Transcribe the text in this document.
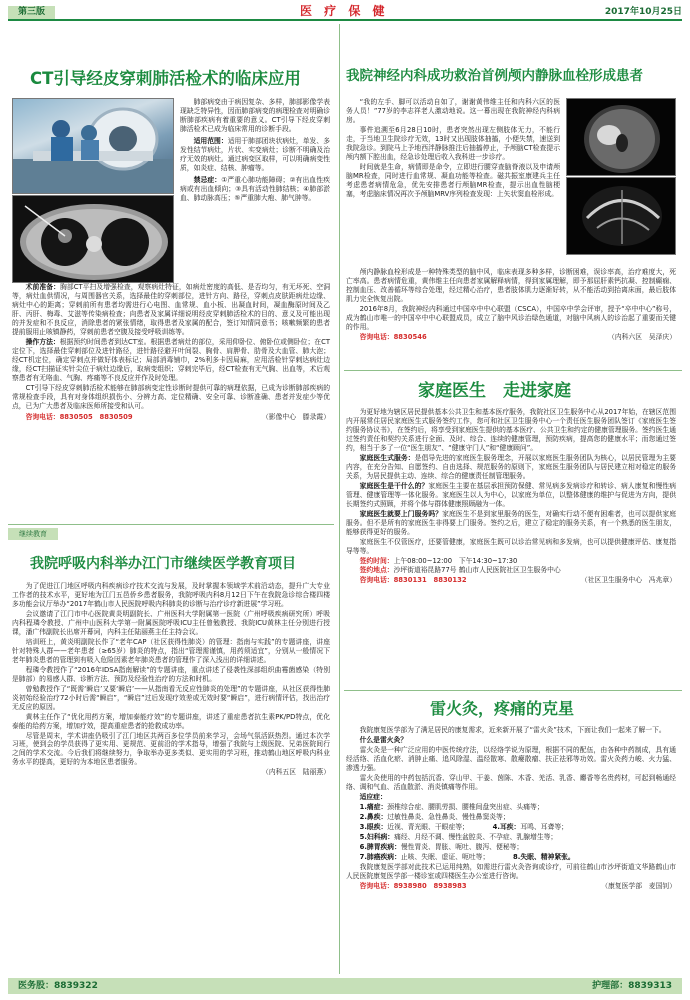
第三版	医 疗 保 健	2017年10月25日
CT引导经皮穿刺肺活检术的临床应用

肺部病变由于病因复杂、多样，肺部影像学表现缺乏特异性，因而肺部病变的病理检查对明确诊断肺部疾病有着重要的意义。CT引导下经皮穿刺肺活检术已成为临床常用的诊断手段。

适用范围：适用于肺部团块状病灶，单发、多发性结节病灶，片状、实变病灶；诊断不明确及治疗无效的病灶。通过病变区取样，可以明确病变性质，如炎症、结核、肿瘤等。

禁忌症：①严重心肺功能障碍；②有出血性疾病或有出血倾向；③具有活动性肺结核；④肺部淤血、肺动脉高压；⑤严重肺大疱、肺气肿等。

术前准备：胸部CT平扫及增强检查，观察病灶特征，如病灶密度的高低、是否均匀，有无坏死、空洞等，病灶血供情况，与周围器官关系，选择最佳的穿刺部位，进针方向、路径，穿刺点皮肤距病灶边缘、病灶中心的距离；穿刺前所有患者均需进行心电图、血常规、血小板、出凝血时间，凝血酶原时间及乙肝、丙肝、梅毒、艾滋等传染病检查；向患者及家属详细说明经皮穿刺肺活检术的目的、意义及可能出现的并发症和不良反应，消除患者的紧张情绪，取得患者及家属的配合，签订知情同意书；咳嗽频繁的患者提前服用止咳镇静药，穿刺前患者空腹及接受呼吸训练等。

操作方法：根据预约时间患者到达CT室。根据患者病灶的部位，采用仰卧位、俯卧位或侧卧位；在CT定位下，选择最佳穿刺部位及进针路径，进针路径避开叶间裂、胸骨、肩胛骨、肋骨及大血管、肺大泡；经CT机定位，确定穿刺点并做好体表标记；局部消毒铺巾，2%利多卡因局麻，应用活检针穿刺达病灶边缘，经CT扫描证实针尖位于病灶边缘后，取病变组织；穿刺完毕后，经CT检查有无气胸、出血等，术后观察患者有无咯血、气胸、疼痛等不良反应并作及时处理。

CT引导下经皮穿刺肺活检术能够在肺部病变定性诊断时提供可靠的病理依据，已成为诊断肺部疾病的常规检查手段，具有对身体组织损伤小、分辨力高、定位精确、安全可靠、诊断准确、患者并发症少等优点，已为广大患者及临床医师所接受和认可。

咨询电话：8830505　8830509	（影像中心　滕录霞）

继续教育
我院呼吸内科举办江门市继续医学教育项目

为了促进江门地区呼吸内科疾病诊疗技术交流与发展，及时掌握本领域学术前沿动态，提升广大专业工作者的技术水平，更好地为江门五邑侨乡患者服务，我院呼吸内科8月12日下午在我院急诊综合楼四楼多功能会议厅举办“2017年鹤山市人民医院呼吸内科肺炎的诊断与治疗诊疗新进展”学习班。

会议邀请了江门市中心医院黄炎明副院长、广州医科大学附属第一医院（广州呼吸疾病研究所）呼吸内科程璘令教授、广州中山医科大学第一附属医院呼吸ICU主任曾勉教授、我院ICU黄林主任分别进行授课，潘广伟副院长出席开幕词，内科主任陆丽燕主任主持会议。

培训班上，黄炎明副院长作了“老年CAP（社区获得性肺炎）的管理：指南与实践”的专题讲座，讲座针对特殊人群——老年患者（≥65岁）肺炎的特点，指出“管理需谨慎，用药须适宜”，分别从一般情况下老年肺炎患者的管理到有吸入危险因素老年肺炎患者的管理作了深入浅出的详细讲述。

程璘令教授作了“2016年IDSA指南解读”的专题讲座，重点讲述了侵袭性深部组织曲霉菌感染（特别是肺部）的易感人群、诊断方法、预防及经验性治疗的方法和时机。

曾勉教授作了“既需‘瞬启’又要‘瞬启’——从指南看无反应性肺炎的处理”的专题讲座，从社区获得性肺炎初始经验治疗72小时后需“瞬启”，“瞬启”过后发现疗效差或无效时要“瞬启”，进行病情评估，找出治疗无反应的原因。

黄林主任作了“优化用药方案，增加泰能疗效”的专题讲座，讲述了重症患者抗生素PK/PD特点，优化泰能的给药方案，增加疗效，提高重症患者的抢救成功率。

尽管是周末，学术讲座仍吸引了江门地区共两百多位学员前来学习，会场气氛活跃热烈。通过本次学习班，使到会的学员获得了更实用、更规范、更前沿的学术指导，增强了我院与上级医院、兄弟医院间行之间的学术交流。今后我们将继续努力，争取举办更多类似、更实用的学习班，推动鹤山地区呼吸内科业务水平的提高，更好的为本地区患者服务。

（内科五区　陆丽燕）

我院神经内科成功救治首例颅内静脉血栓形成患者

“我的左手、脚可以活动自如了，谢谢黄伟维主任和内科六区的医务人员！”77岁的李志祥老人激动地说。这一幕出现在我院神经内科病房。

事件追溯至6月28日10时，患者突然出现左侧肢体无力，不能行走，于当地卫生院诊疗无效，13时又出现肢体抽搐，小便失禁，速送到我院急诊。到院马上予地西泮静脉推注后抽搐停止，予颅脑CT检查提示颅内额下腔出血，经急诊处理后收入我科进一步诊疗。

时间就是生命，病情即是命令，立即进行腰穿查脑脊液以及申请颅脑MR检查，同时进行血常规、凝血功能等检查。磁共振室康建兵主任考虑患者病情危急，优先安排患者行颅脑MR检查，提示出血性脑梗塞，考虑脑床情况再次予颅脑MRV序列检查发现：上矢状窦血栓形成。

颅内静脉血栓形成是一种特殊类型的脑中风，临床表现多种多样，诊断困难，误诊率高，治疗难度大，死亡率高。患者病情危重，黄伟维主任向患者家属解释病情，得到家属理解，即予那屈肝素钙抗凝、控制癫痫、控制血压、改善循环等综合处理，经过精心治疗，患者肢体肌力逐渐好转，从不能活动到抬离床面，最后肢体肌力完全恢复出院。

2016年8月，我院神经内科通过中国卒中中心联盟（CSCA），中国卒中学会评审，授予“卒中中心”称号，成为鹤山市唯一的中国卒中中心联盟成员，成立了脑中风诊治绿色通道，对脑中风病人的诊治起了重要而关键的作用。

咨询电话：8830546	（内科六区　吴泽庆）

家庭医生　走进家庭

为更好地为辖区居民提供基本公共卫生和基本医疗服务，我院社区卫生服务中心从2017年始，在辖区范围内开展常住居民家庭医生式服务签约工作，您可和社区卫生服务中心一个责任医生服务团队签订《家庭医生签约服务协议书》，在签约后，将享受到家庭医生提供的基本医疗、公共卫生和约定的健康管理服务。签约医生通过签约责任和契约关系进行全面、及时、综合、连续的健康管理，预防疾病，提高您的健康水平；而您通过签约，相当于多了一位“医生朋友”、“健康守门人”和“健康顾问”。

家庭医生式服务：是倡导先进的家庭医生服务理念，开展以家庭医生服务团队为核心，以居民管理为主要内容，在充分告知、自愿签约、自由选择、规范服务的原则下，家庭医生服务团队与居民建立相对稳定的服务关系，为居民提供主动、连续、综合的健康责任制管理服务。

家庭医生是干什么的？家庭医生主要在基层承担预防保健、常见病多发病诊疗和转诊、病人康复和慢性病管理、健康管理等一体化服务。家庭医生以人为中心，以家庭为单位，以整体健康的维护与促进为方向，提供长期签约式照顾，并将个体与群体健康照顾融为一体。

家庭医生就要上门服务吗？家庭医生不是到家里服务的医生，对确实行动不便有困难者，也可以提供家庭服务。但不是所有的家庭医生非得要上门服务。签约之后，建立了稳定的服务关系，有一个熟悉的医生朋友，能够获得更好的服务。

家庭医生不仅管医疗，还要管健康，家庭医生既可以诊治常见病和多发病，也可以提供健康评估、康复指导等等。

签约时间：上午08:00~12:00　下午14:30~17:30

签约地点：沙坪街道裕昆路77号 鹤山市人民医院社区卫生服务中心

咨询电话：8830131　8830132	（社区卫生服务中心　冯兆章）

雷火灸，疼痛的克星

我院康复医学部为了满足居民的康复需求，近来新开展了“雷火灸”技术，下面让我们一起来了解一下。

什么是雷火灸？

雷火灸是一种广泛应用的中医传统疗法，以经络学说为原理，根据不同的配伍，由各种中药制成，具有通经活络、活血化瘀、消肿止痛、追风除湿、温经散寒、散瘿散瘤、扶正祛邪等功效。雷火灸药力峻、火力猛、渗透力强。

雷火灸使用的中药包括沉香、穿山甲、干姜、茵陈、木香、羌活、乳香、麝香等名贵药材，可起到畅通经络、调和气血、活血散淤、消炎镇痛等作用。

适应症：

1.痛症：颈椎综合症、腰肌劳损、腰椎间盘突出症、头痛等；

2.鼻疾：过敏性鼻炎、急性鼻炎、慢性鼻窦炎等；

3.眼疾：近视、青光眼、干眼症等；　　　　	4.耳疾：耳鸣、耳聋等；

5.妇科病：痛经、月经不调、慢性盆腔炎、不孕症、乳腺增生等；

6.脾胃疾病：慢性胃炎、胃胀、呃吐、腹泻、便秘等；

7.肺癌疾病：止咳、失眠、虚证、呃吐等；　　　　	8.失眠、精神紧张。

我院康复医学部对此技术已运用纯熟，如需进行雷火灸咨询或诊疗，可前往鹤山市沙坪街道文华路鹤山市人民医院康复医学部一楼诊室或四楼医生办公室进行咨询。

咨询电话：8938980　8938983	（康复医学部　麦国钊）

医务股：8839322	护理部：8839313
